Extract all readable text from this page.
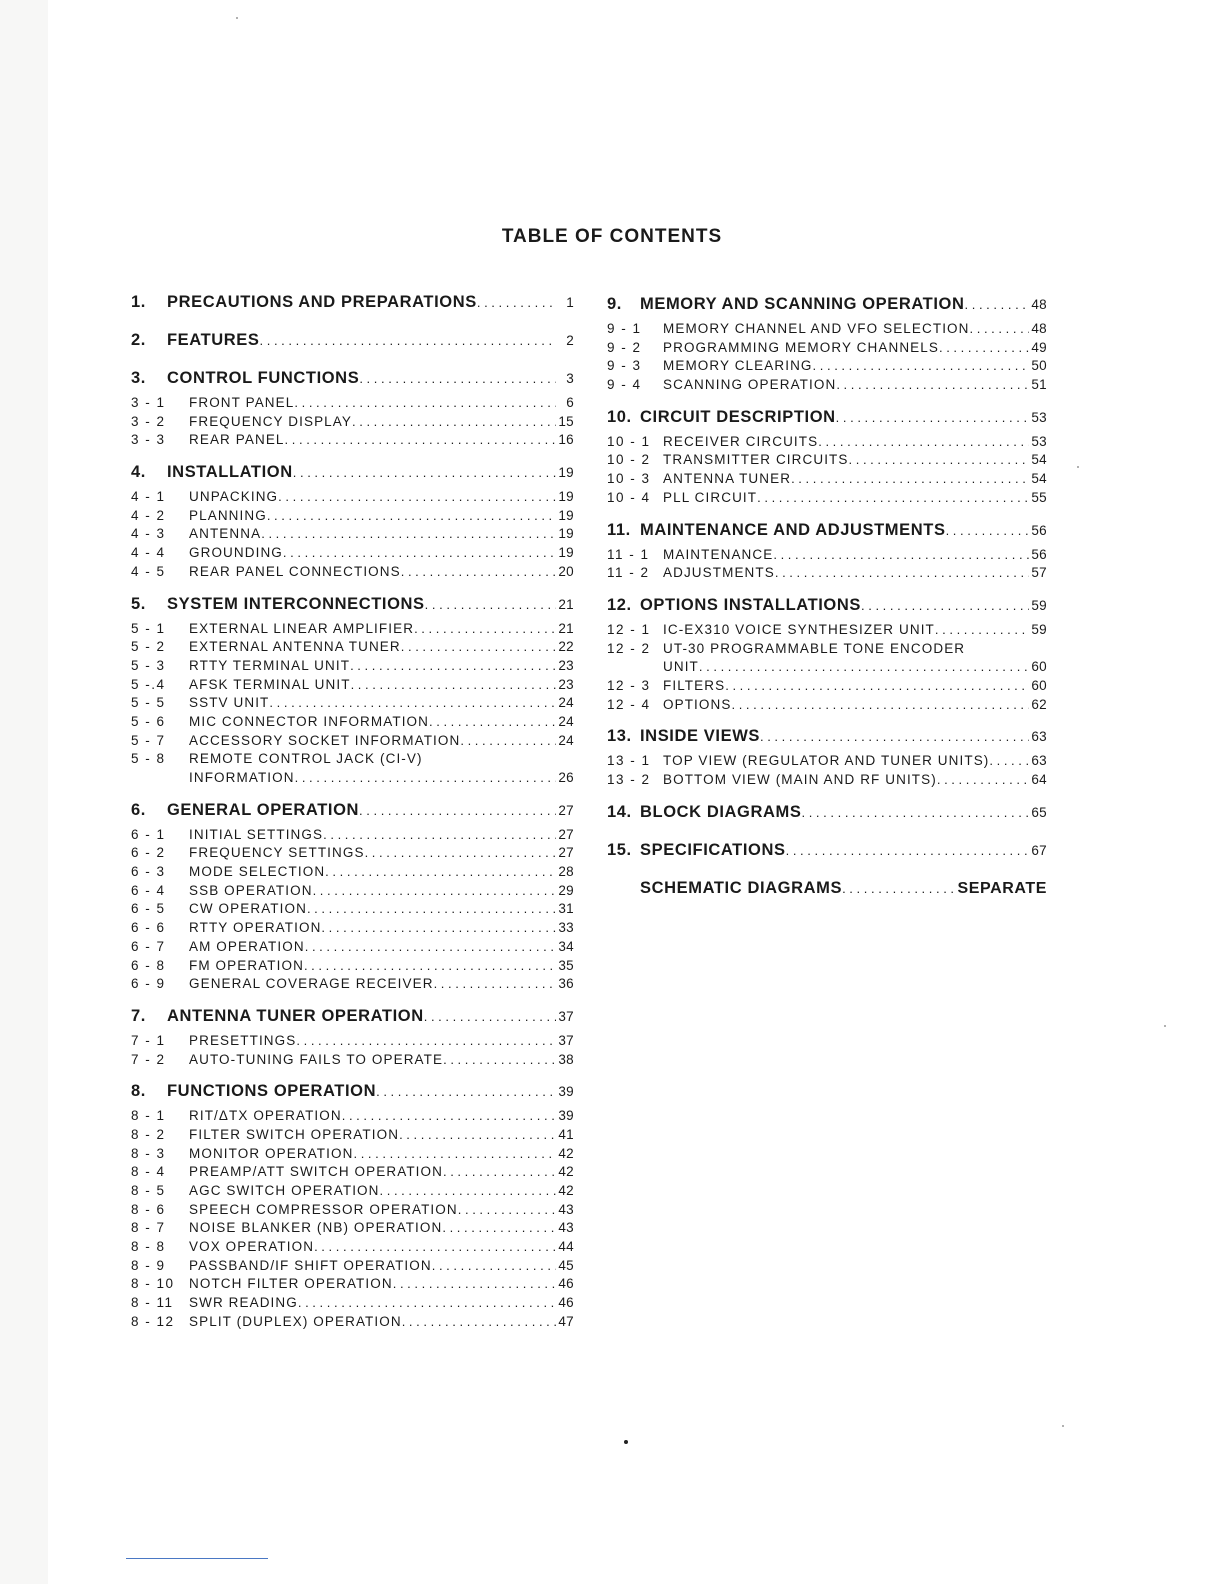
TABLE OF CONTENTS
1.	PRECAUTIONS AND PREPARATIONS . . .	1
2.	FEATURES . . .	2
3.	CONTROL FUNCTIONS . . .	3
3 - 1	FRONT PANEL . . .	6
3 - 2	FREQUENCY DISPLAY . . .	15
3 - 3	REAR PANEL . . .	16
4.	INSTALLATION . . .	19
4 - 1	UNPACKING . . .	19
4 - 2	PLANNING . . .	19
4 - 3	ANTENNA . . .	19
4 - 4	GROUNDING . . .	19
4 - 5	REAR PANEL CONNECTIONS . . .	20
5.	SYSTEM INTERCONNECTIONS . . .	21
5 - 1	EXTERNAL LINEAR AMPLIFIER . . .	21
5 - 2	EXTERNAL ANTENNA TUNER . . .	22
5 - 3	RTTY TERMINAL UNIT . . .	23
5 -.4	AFSK TERMINAL UNIT . . .	23
5 - 5	SSTV UNIT . . .	24
5 - 6	MIC CONNECTOR INFORMATION . . .	24
5 - 7	ACCESSORY SOCKET INFORMATION . . .	24
5 - 8	REMOTE CONTROL JACK (CI-V)
INFORMATION . . .	26
6.	GENERAL OPERATION . . .	27
6 - 1	INITIAL SETTINGS . . .	27
6 - 2	FREQUENCY SETTINGS . . .	27
6 - 3	MODE SELECTION . . .	28
6 - 4	SSB OPERATION . . .	29
6 - 5	CW OPERATION . . .	31
6 - 6	RTTY OPERATION . . .	33
6 - 7	AM OPERATION . . .	34
6 - 8	FM OPERATION . . .	35
6 - 9	GENERAL COVERAGE RECEIVER . . .	36
7.	ANTENNA TUNER OPERATION . . .	37
7 - 1	PRESETTINGS . . .	37
7 - 2	AUTO-TUNING FAILS TO OPERATE . . .	38
8.	FUNCTIONS OPERATION . . .	39
8 - 1	RIT/ΔTX OPERATION . . .	39
8 - 2	FILTER SWITCH OPERATION . . .	41
8 - 3	MONITOR OPERATION . . .	42
8 - 4	PREAMP/ATT SWITCH OPERATION . . .	42
8 - 5	AGC SWITCH OPERATION . . .	42
8 - 6	SPEECH COMPRESSOR OPERATION . . .	43
8 - 7	NOISE BLANKER (NB) OPERATION . . .	43
8 - 8	VOX OPERATION . . .	44
8 - 9	PASSBAND/IF SHIFT OPERATION . . .	45
8 - 10	NOTCH FILTER OPERATION . . .	46
8 - 11	SWR READING . . .	46
8 - 12	SPLIT (DUPLEX) OPERATION . . .	47
9.	MEMORY AND SCANNING OPERATION . . .	48
9 - 1	MEMORY CHANNEL AND VFO SELECTION . . .	48
9 - 2	PROGRAMMING MEMORY CHANNELS . . .	49
9 - 3	MEMORY CLEARING . . .	50
9 - 4	SCANNING OPERATION . . .	51
10. CIRCUIT DESCRIPTION . . .	53
10 - 1 RECEIVER CIRCUITS . . .	53
10 - 2 TRANSMITTER CIRCUITS . . .	54
10 - 3 ANTENNA TUNER . . .	54
10 - 4 PLL CIRCUIT . . .	55
11. MAINTENANCE AND ADJUSTMENTS . . .	56
11 - 1 MAINTENANCE . . .	56
11 - 2 ADJUSTMENTS . . .	57
12. OPTIONS INSTALLATIONS . . .	59
12 - 1 IC-EX310 VOICE SYNTHESIZER UNIT . . .	59
12 - 2 UT-30 PROGRAMMABLE TONE ENCODER
UNIT . . .	60
12 - 3 FILTERS . . .	60
12 - 4 OPTIONS . . .	62
13. INSIDE VIEWS . . .	63
13 - 1 TOP VIEW (REGULATOR AND TUNER UNITS) . . .	63
13 - 2 BOTTOM VIEW (MAIN AND RF UNITS) . . .	64
14. BLOCK DIAGRAMS . . .	65
15. SPECIFICATIONS . . .	67
SCHEMATIC DIAGRAMS . . .	SEPARATE
